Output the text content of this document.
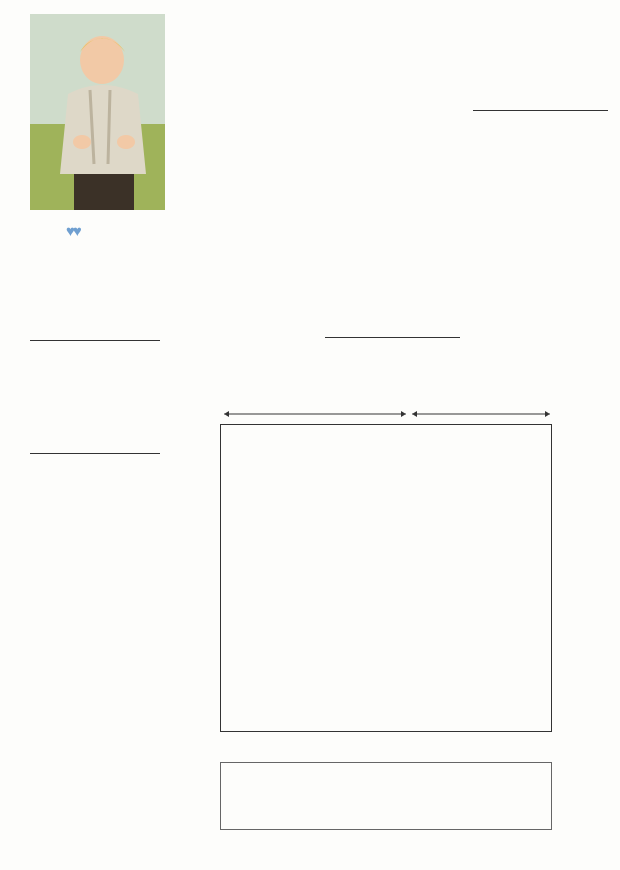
♥♥
